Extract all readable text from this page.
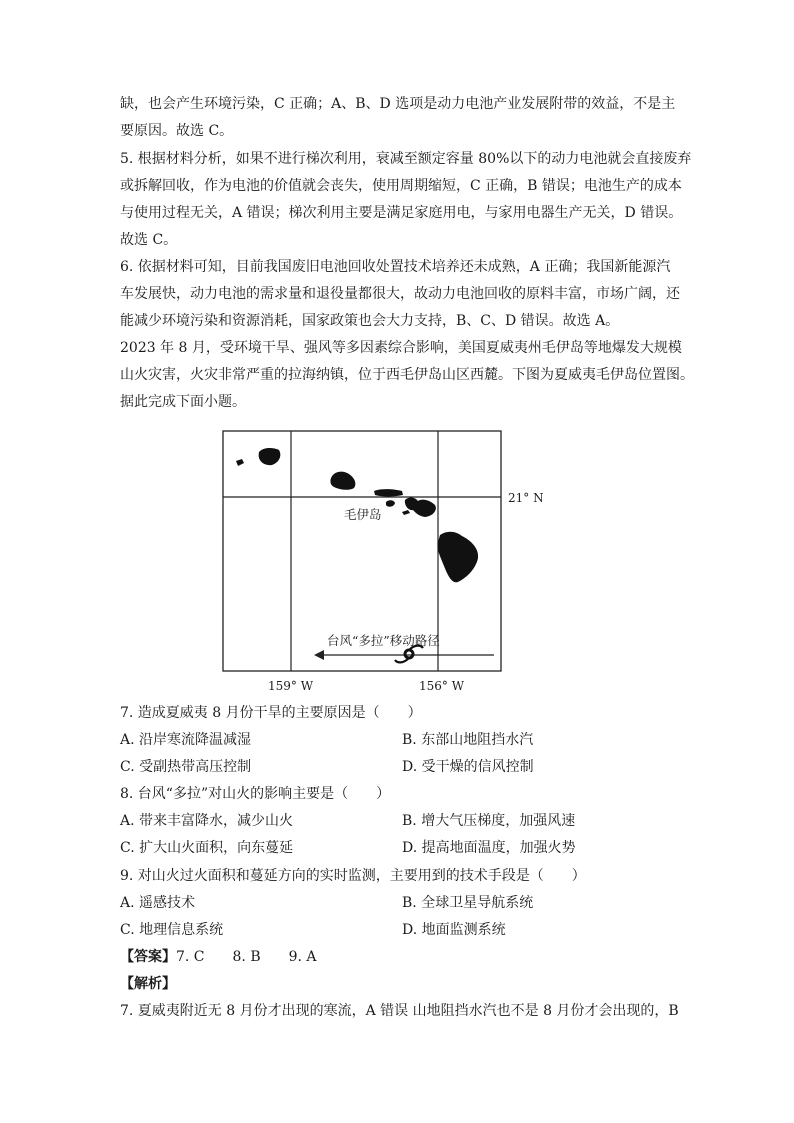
缺，也会产生环境污染，C 正确；A、B、D 选项是动力电池产业发展附带的效益，不是主
要原因。故选 C。
5. 根据材料分析，如果不进行梯次利用，衰减至额定容量 80%以下的动力电池就会直接废弃
或拆解回收，作为电池的价值就会丧失，使用周期缩短，C 正确，B 错误；电池生产的成本
与使用过程无关，A 错误；梯次利用主要是满足家庭用电，与家用电器生产无关，D 错误。
故选 C。
6. 依据材料可知，目前我国废旧电池回收处置技术培养还未成熟，A 正确；我国新能源汽
车发展快，动力电池的需求量和退役量都很大，故动力电池回收的原料丰富，市场广阔，还
能减少环境污染和资源消耗，国家政策也会大力支持，B、C、D 错误。故选 A。
2023 年 8 月，受环境干旱、强风等多因素综合影响，美国夏威夷州毛伊岛等地爆发大规模
山火灾害，火灾非常严重的拉海纳镇，位于西毛伊岛山区西麓。下图为夏威夷毛伊岛位置图。
据此完成下面小题。
21° N
159° W	156° W
毛伊岛
台风“多拉”移动路径
7. 造成夏威夷 8 月份干旱的主要原因是（　　）
A. 沿岸寒流降温减湿	B. 东部山地阻挡水汽
C. 受副热带高压控制	D. 受干燥的信风控制
8. 台风“多拉”对山火的影响主要是（　　）
A. 带来丰富降水，减少山火	B. 增大气压梯度，加强风速
C. 扩大山火面积，向东蔓延	D. 提高地面温度，加强火势
9. 对山火过火面积和蔓延方向的实时监测，主要用到的技术手段是（　　）
A. 遥感技术	B. 全球卫星导航系统
C. 地理信息系统	D. 地面监测系统
【答案】7. C　　8. B　　9. A
【解析】
7. 夏威夷附近无 8 月份才出现的寒流，A 错误 山地阻挡水汽也不是 8 月份才会出现的，B
